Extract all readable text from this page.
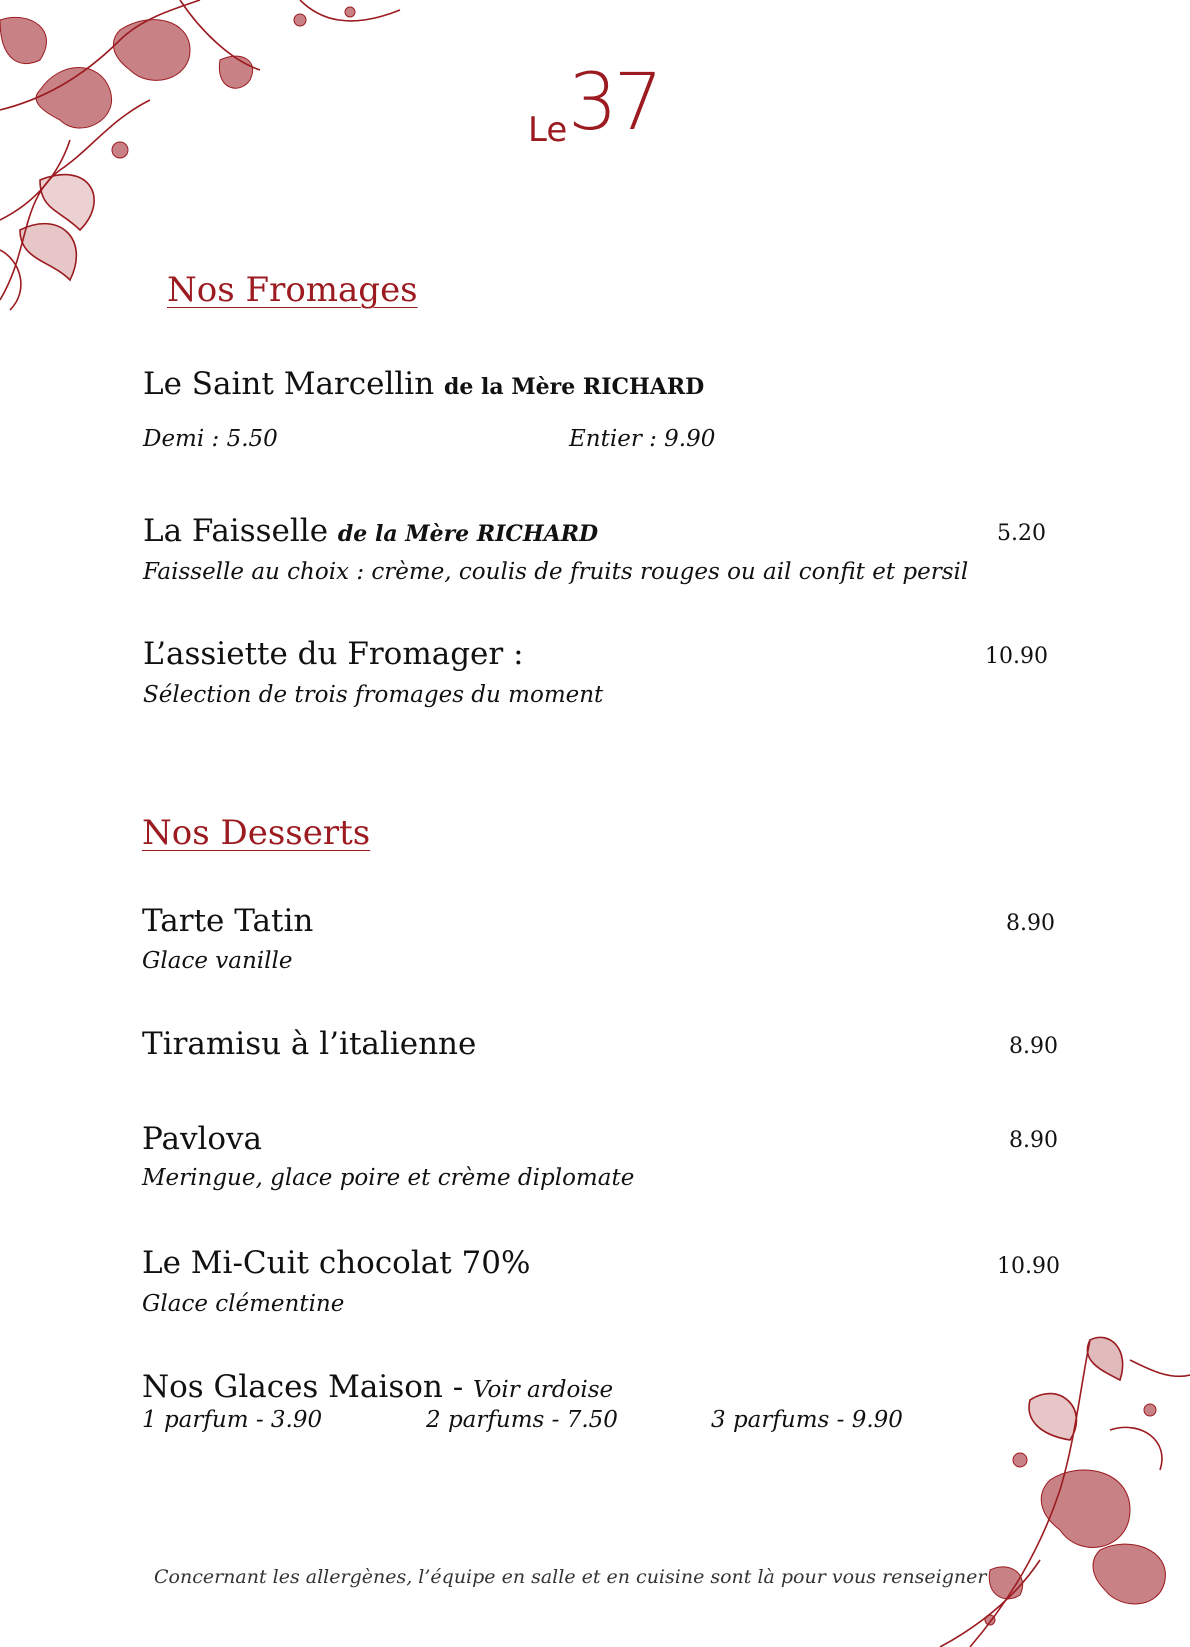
Le 37
Nos Fromages
Le Saint Marcellin de la Mère RICHARD
Demi : 5.50	Entier : 9.90
La Faisselle de la Mère RICHARD	5.20
Faisselle au choix : crème, coulis de fruits rouges ou ail confit et persil
L’assiette du Fromager :	10.90
Sélection de trois fromages du moment
Nos Desserts
Tarte Tatin	8.90
Glace vanille
Tiramisu à l’italienne	8.90
Pavlova	8.90
Meringue, glace poire et crème diplomate
Le Mi-Cuit chocolat 70%	10.90
Glace clémentine
Nos Glaces Maison - Voir ardoise
1 parfum - 3.90	2 parfums - 7.50	3 parfums - 9.90
Concernant les allergènes, l’équipe en salle et en cuisine sont là pour vous renseigner
